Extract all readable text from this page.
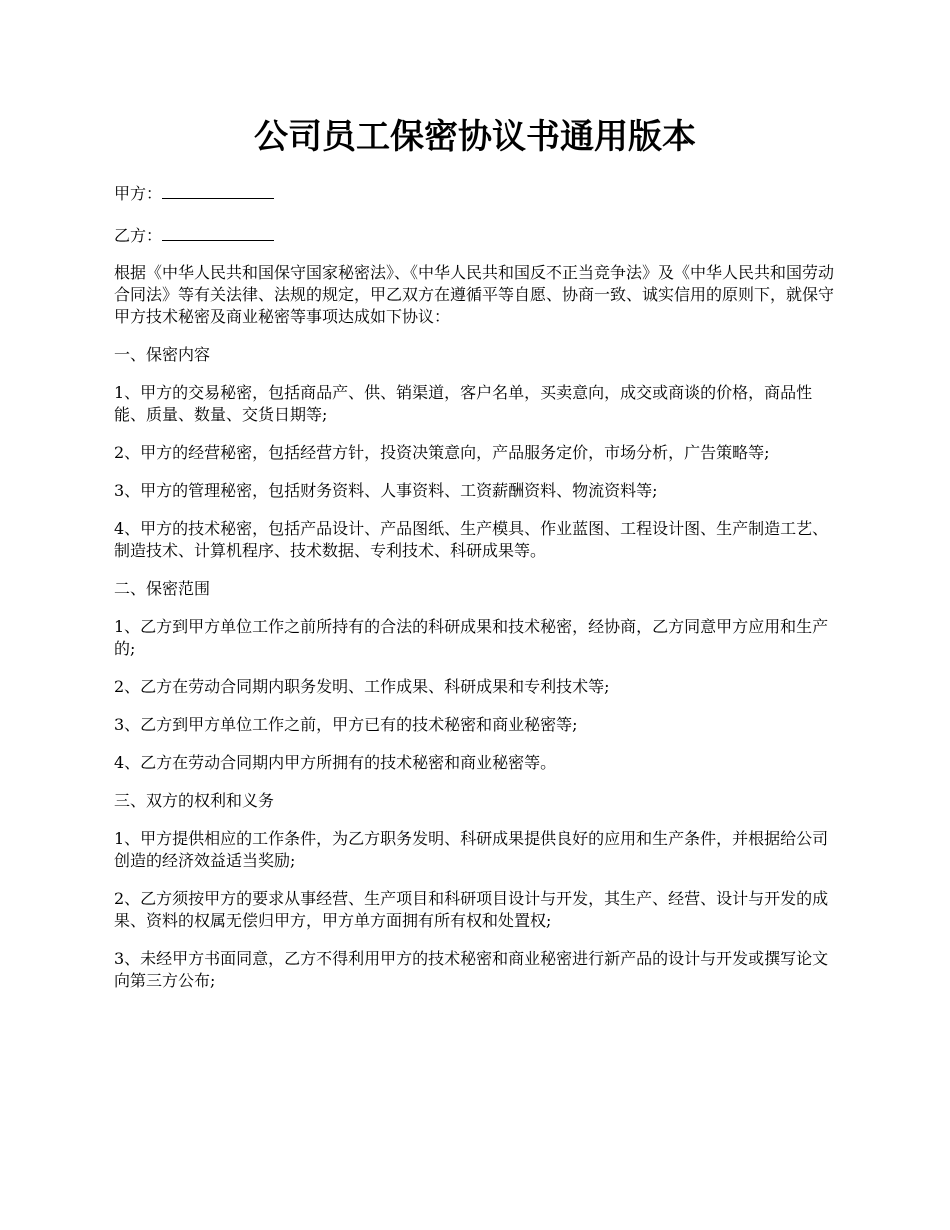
公司员工保密协议书通用版本
甲方：
乙方：

根据《中华人民共和国保守国家秘密法》、《中华人民共和国反不正当竞争法》及《中华人民共和国劳动合同法》等有关法律、法规的规定，甲乙双方在遵循平等自愿、协商一致、诚实信用的原则下，就保守甲方技术秘密及商业秘密等事项达成如下协议：

一、保密内容

1、甲方的交易秘密，包括商品产、供、销渠道，客户名单，买卖意向，成交或商谈的价格，商品性能、质量、数量、交货日期等;

2、甲方的经营秘密，包括经营方针，投资决策意向，产品服务定价，市场分析，广告策略等;

3、甲方的管理秘密，包括财务资料、人事资料、工资薪酬资料、物流资料等;

4、甲方的技术秘密，包括产品设计、产品图纸、生产模具、作业蓝图、工程设计图、生产制造工艺、制造技术、计算机程序、技术数据、专利技术、科研成果等。

二、保密范围

1、乙方到甲方单位工作之前所持有的合法的科研成果和技术秘密，经协商，乙方同意甲方应用和生产的;

2、乙方在劳动合同期内职务发明、工作成果、科研成果和专利技术等;

3、乙方到甲方单位工作之前，甲方已有的技术秘密和商业秘密等;

4、乙方在劳动合同期内甲方所拥有的技术秘密和商业秘密等。

三、双方的权利和义务

1、甲方提供相应的工作条件，为乙方职务发明、科研成果提供良好的应用和生产条件，并根据给公司创造的经济效益适当奖励;

2、乙方须按甲方的要求从事经营、生产项目和科研项目设计与开发，其生产、经营、设计与开发的成果、资料的权属无偿归甲方，甲方单方面拥有所有权和处置权;

3、未经甲方书面同意，乙方不得利用甲方的技术秘密和商业秘密进行新产品的设计与开发或撰写论文向第三方公布;
